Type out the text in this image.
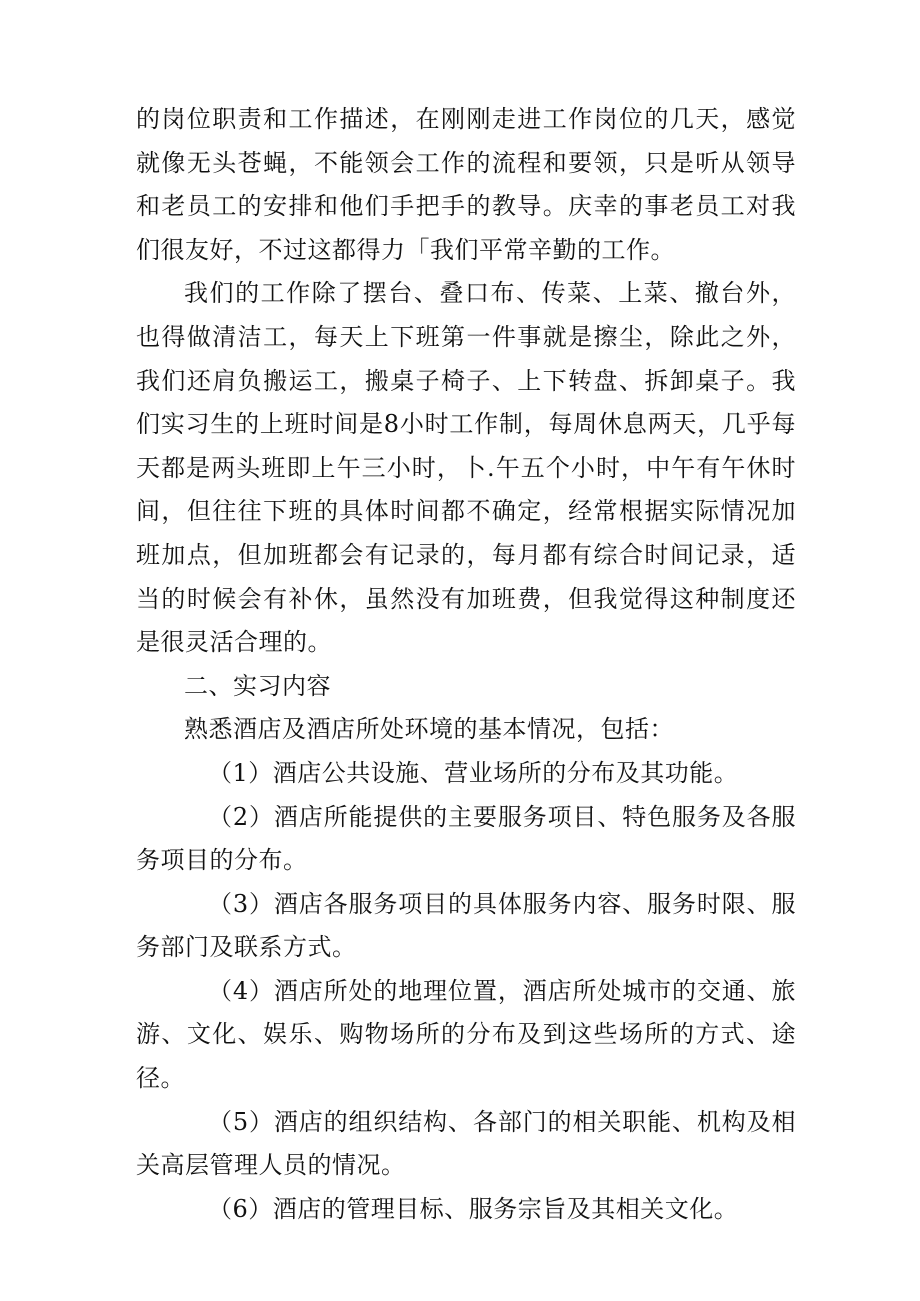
的岗位职责和工作描述，在刚刚走进工作岗位的几天，感觉就像无头苍蝇，不能领会工作的流程和要领，只是听从领导和老员工的安排和他们手把手的教导。庆幸的事老员工对我们很友好，不过这都得力「我们平常辛勤的工作。

我们的工作除了摆台、叠口布、传菜、上菜、撤台外，也得做清洁工，每天上下班第一件事就是擦尘，除此之外，我们还肩负搬运工，搬桌子椅子、上下转盘、拆卸桌子。我们实习生的上班时间是8小时工作制，每周休息两天，几乎每天都是两头班即上午三小时，卜.午五个小时，中午有午休时间，但往往下班的具体时间都不确定，经常根据实际情况加班加点，但加班都会有记录的，每月都有综合时间记录，适当的时候会有补休，虽然没有加班费，但我觉得这种制度还是很灵活合理的。

二、实习内容

熟悉酒店及酒店所处环境的基本情况，包括：

（1）酒店公共设施、营业场所的分布及其功能。

（2）酒店所能提供的主要服务项目、特色服务及各服务项目的分布。

（3）酒店各服务项目的具体服务内容、服务时限、服务部门及联系方式。

（4）酒店所处的地理位置，酒店所处城市的交通、旅游、文化、娱乐、购物场所的分布及到这些场所的方式、途径。

（5）酒店的组织结构、各部门的相关职能、机构及相关高层管理人员的情况。

（6）酒店的管理目标、服务宗旨及其相关文化。
